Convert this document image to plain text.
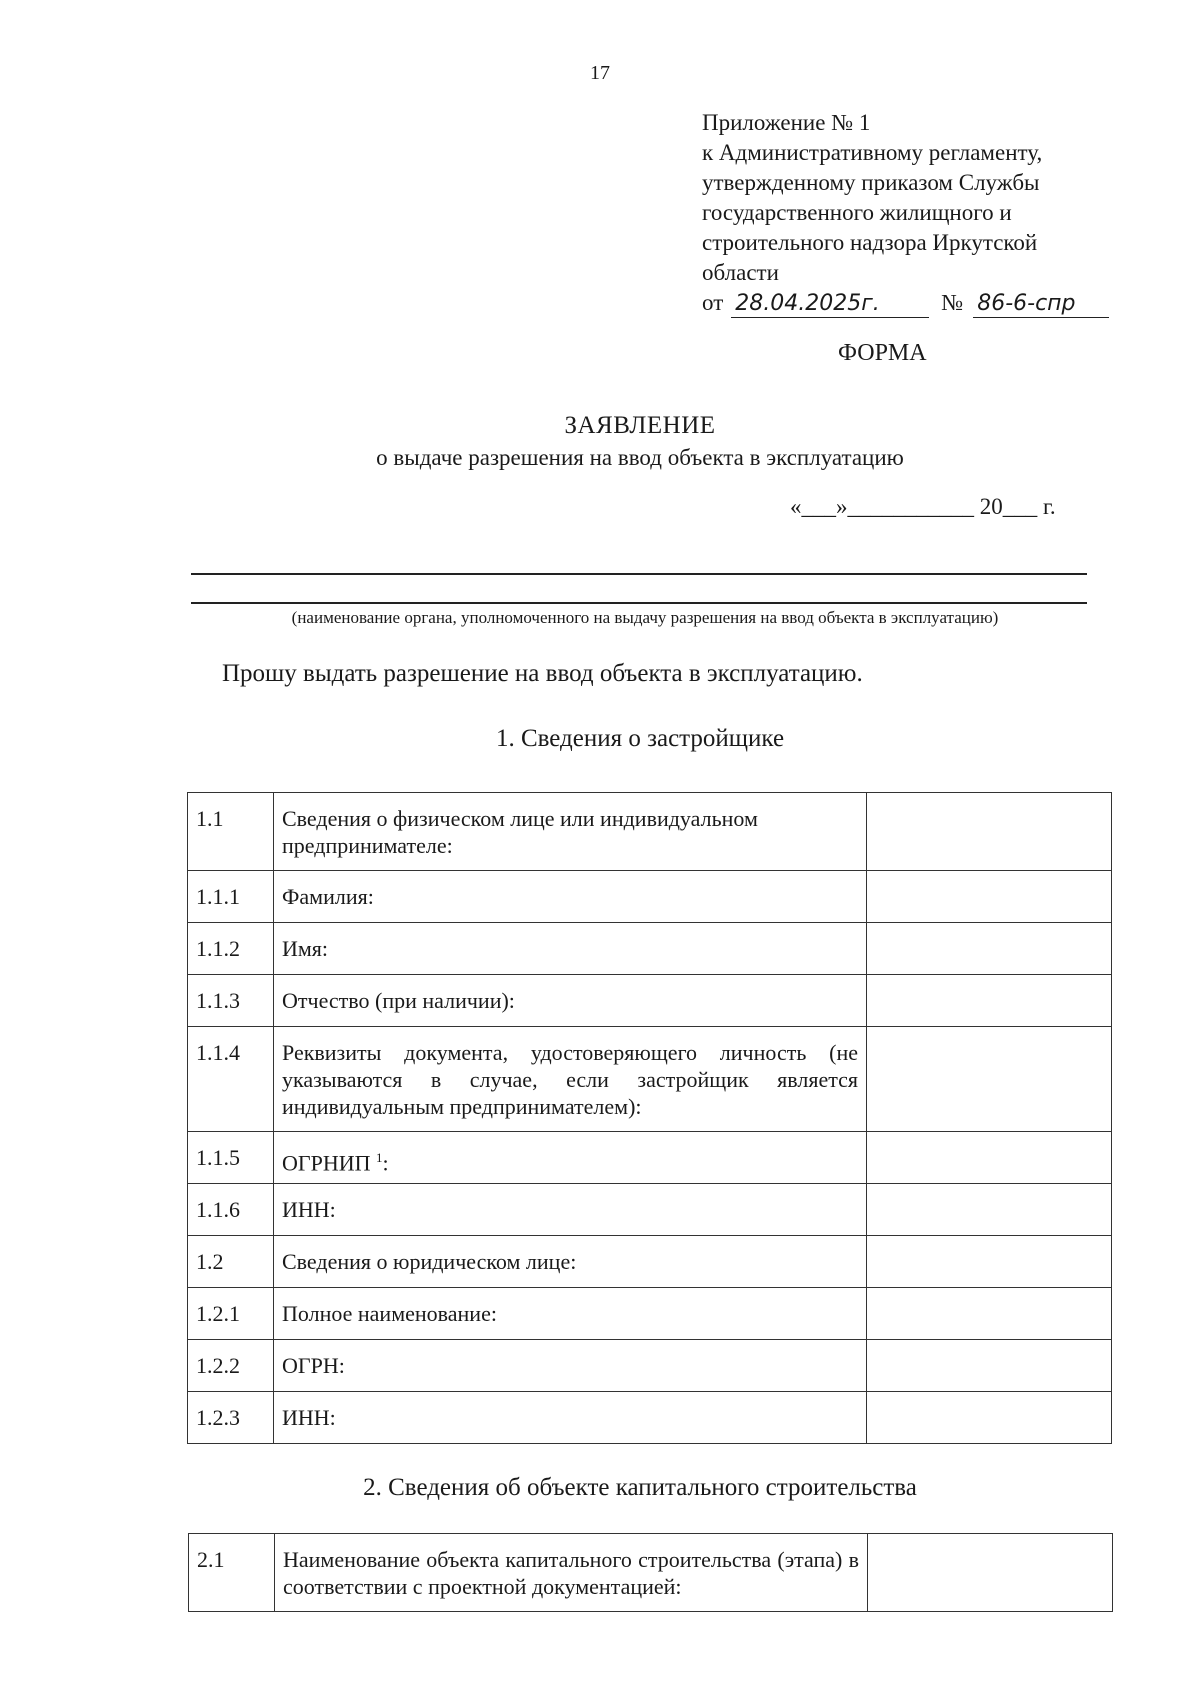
17
Приложение № 1
к Административному регламенту,
утвержденному приказом Службы
государственного жилищного и
строительного надзора Иркутской
области
от 28.04.2025г.	№ 86-6-спр
ФОРМА
ЗАЯВЛЕНИЕ
о выдаче разрешения на ввод объекта в эксплуатацию
«___»___________ 20___ г.
(наименование органа, уполномоченного на выдачу разрешения на ввод объекта в эксплуатацию)
Прошу выдать разрешение на ввод объекта в эксплуатацию.
1. Сведения о застройщике
1.1	Сведения о физическом лице или индивидуальном предпринимателе:	
1.1.1	Фамилия:	
1.1.2	Имя:	
1.1.3	Отчество (при наличии):	
1.1.4	Реквизиты документа, удостоверяющего личность (не указываются в случае, если застройщик является индивидуальным предпринимателем):	
1.1.5	ОГРНИП $^1$:	
1.1.6	ИНН:	
1.2	Сведения о юридическом лице:	
1.2.1	Полное наименование:	
1.2.2	ОГРН:	
1.2.3	ИНН:	
2. Сведения об объекте капитального строительства
2.1	Наименование объекта капитального строительства (этапа) в соответствии с проектной документацией:	
